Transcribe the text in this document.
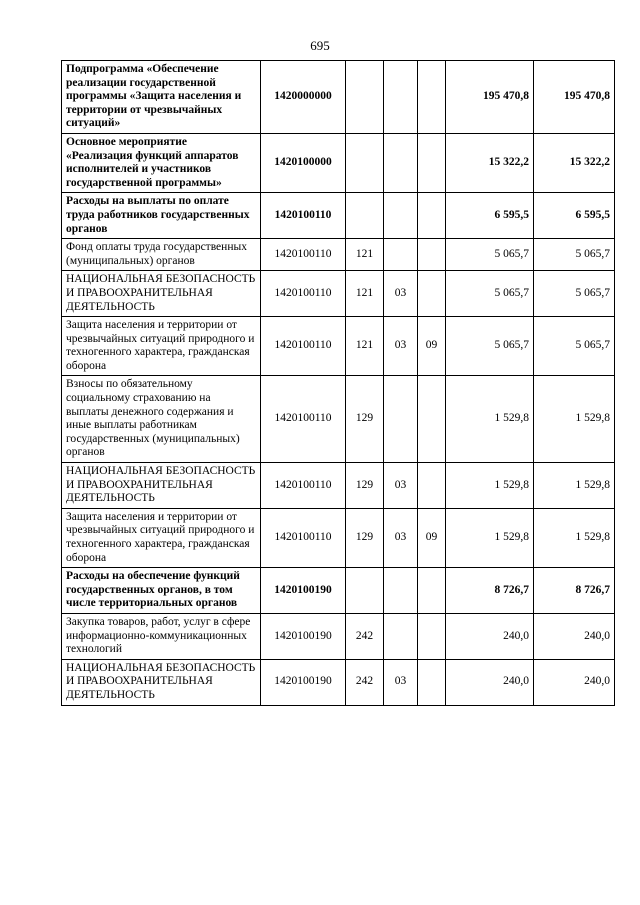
695
Подпрограмма «Обеспечение реализации государственной программы «Защита населения и территории от чрезвычайных ситуаций»	1420000000				195 470,8	195 470,8
Основное мероприятие «Реализация функций аппаратов исполнителей и участников государственной программы»	1420100000				15 322,2	15 322,2
Расходы на выплаты по оплате труда работников государственных органов	1420100110				6 595,5	6 595,5
Фонд оплаты труда государственных (муниципальных) органов	1420100110	121			5 065,7	5 065,7
НАЦИОНАЛЬНАЯ БЕЗОПАСНОСТЬ И ПРАВООХРАНИТЕЛЬНАЯ ДЕЯТЕЛЬНОСТЬ	1420100110	121	03		5 065,7	5 065,7
Защита населения и территории от чрезвычайных ситуаций природного и техногенного характера, гражданская оборона	1420100110	121	03	09	5 065,7	5 065,7
Взносы по обязательному социальному страхованию на выплаты денежного содержания и иные выплаты работникам государственных (муниципальных) органов	1420100110	129			1 529,8	1 529,8
НАЦИОНАЛЬНАЯ БЕЗОПАСНОСТЬ И ПРАВООХРАНИТЕЛЬНАЯ ДЕЯТЕЛЬНОСТЬ	1420100110	129	03		1 529,8	1 529,8
Защита населения и территории от чрезвычайных ситуаций природного и техногенного характера, гражданская оборона	1420100110	129	03	09	1 529,8	1 529,8
Расходы на обеспечение функций государственных органов, в том числе территориальных органов	1420100190				8 726,7	8 726,7
Закупка товаров, работ, услуг в сфере информационно-коммуникационных технологий	1420100190	242			240,0	240,0
НАЦИОНАЛЬНАЯ БЕЗОПАСНОСТЬ И ПРАВООХРАНИТЕЛЬНАЯ ДЕЯТЕЛЬНОСТЬ	1420100190	242	03		240,0	240,0
